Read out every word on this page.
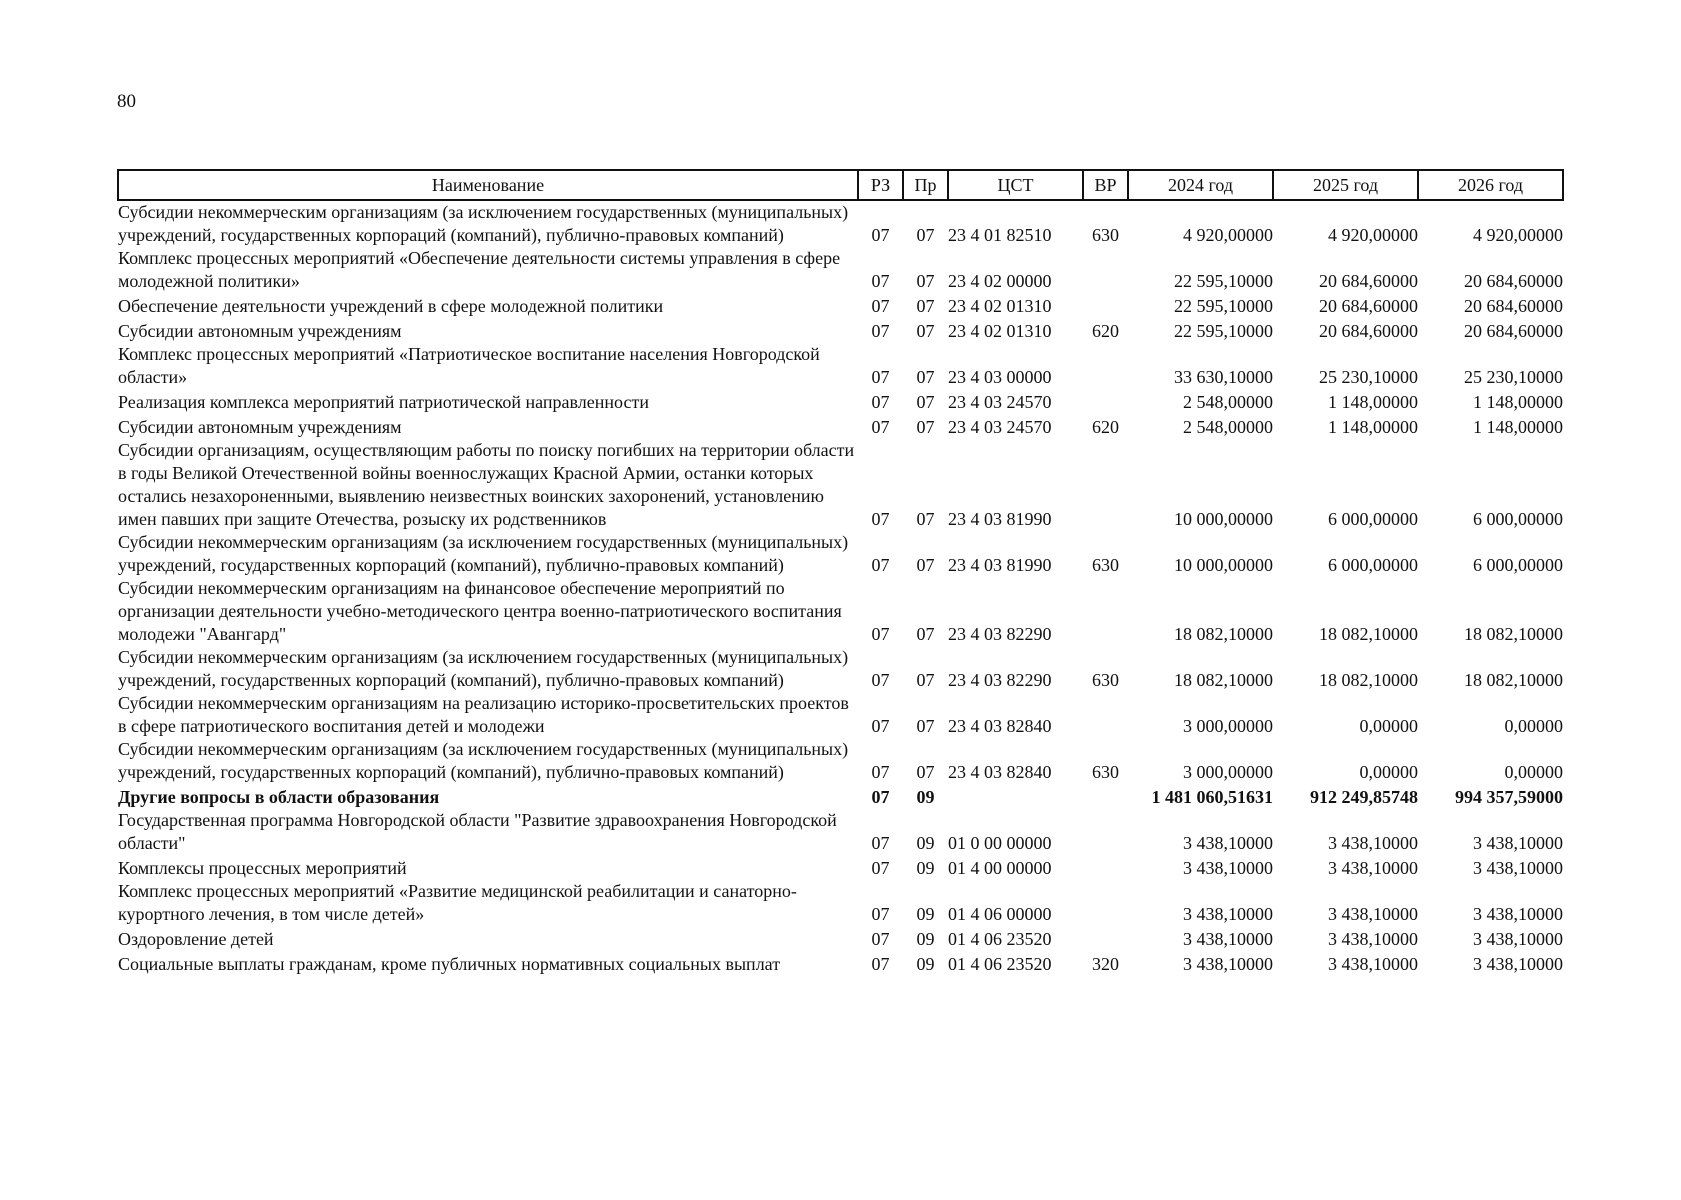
80
Наименование	РЗ	Пр	ЦСТ	ВР	2024 год	2025 год	2026 год
Субсидии некоммерческим организациям (за исключением государственных (муниципальных) учреждений, государственных корпораций (компаний), публично-правовых компаний)	07	07	23 4 01 82510	630	4 920,00000	4 920,00000	4 920,00000
Комплекс процессных мероприятий «Обеспечение деятельности системы управления в сфере молодежной политики»	07	07	23 4 02 00000		22 595,10000	20 684,60000	20 684,60000
Обеспечение деятельности учреждений в сфере молодежной политики	07	07	23 4 02 01310		22 595,10000	20 684,60000	20 684,60000
Субсидии автономным учреждениям	07	07	23 4 02 01310	620	22 595,10000	20 684,60000	20 684,60000
Комплекс процессных мероприятий «Патриотическое воспитание населения Новгородской области»	07	07	23 4 03 00000		33 630,10000	25 230,10000	25 230,10000
Реализация комплекса мероприятий патриотической направленности	07	07	23 4 03 24570		2 548,00000	1 148,00000	1 148,00000
Субсидии автономным учреждениям	07	07	23 4 03 24570	620	2 548,00000	1 148,00000	1 148,00000
Субсидии организациям, осуществляющим работы по поиску погибших на территории области в годы Великой Отечественной войны военнослужащих Красной Армии, останки которых остались незахороненными, выявлению неизвестных воинских захоронений, установлению имен павших при защите Отечества, розыску их родственников	07	07	23 4 03 81990		10 000,00000	6 000,00000	6 000,00000
Субсидии некоммерческим организациям (за исключением государственных (муниципальных) учреждений, государственных корпораций (компаний), публично-правовых компаний)	07	07	23 4 03 81990	630	10 000,00000	6 000,00000	6 000,00000
Субсидии некоммерческим организациям на финансовое обеспечение мероприятий по организации деятельности учебно-методического центра военно-патриотического воспитания молодежи "Авангард"	07	07	23 4 03 82290		18 082,10000	18 082,10000	18 082,10000
Субсидии некоммерческим организациям (за исключением государственных (муниципальных) учреждений, государственных корпораций (компаний), публично-правовых компаний)	07	07	23 4 03 82290	630	18 082,10000	18 082,10000	18 082,10000
Субсидии некоммерческим организациям на реализацию историко-просветительских проектов в сфере патриотического воспитания детей и молодежи	07	07	23 4 03 82840		3 000,00000	0,00000	0,00000
Субсидии некоммерческим организациям (за исключением государственных (муниципальных) учреждений, государственных корпораций (компаний), публично-правовых компаний)	07	07	23 4 03 82840	630	3 000,00000	0,00000	0,00000
Другие вопросы в области образования	07	09			1 481 060,51631	912 249,85748	994 357,59000
Государственная программа Новгородской области "Развитие здравоохранения Новгородской области"	07	09	01 0 00 00000		3 438,10000	3 438,10000	3 438,10000
Комплексы процессных мероприятий	07	09	01 4 00 00000		3 438,10000	3 438,10000	3 438,10000
Комплекс процессных мероприятий «Развитие медицинской реабилитации и санаторно-курортного лечения, в том числе детей»	07	09	01 4 06 00000		3 438,10000	3 438,10000	3 438,10000
Оздоровление детей	07	09	01 4 06 23520		3 438,10000	3 438,10000	3 438,10000
Социальные выплаты гражданам, кроме публичных нормативных социальных выплат	07	09	01 4 06 23520	320	3 438,10000	3 438,10000	3 438,10000
